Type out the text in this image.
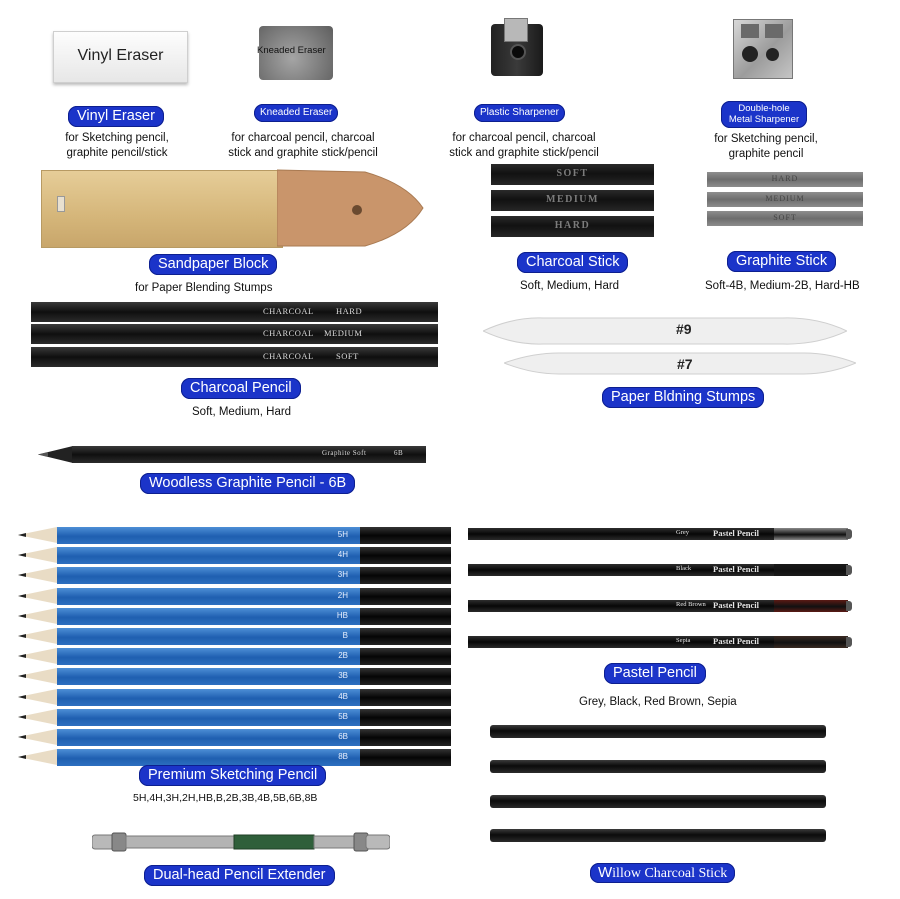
Vinyl Eraser
Vinyl Eraser
for Sketching pencil,
graphite pencil/stick
Kneaded Eraser
Kneaded Eraser
for charcoal pencil, charcoal
stick and graphite stick/pencil
Plastic Sharpener
for charcoal pencil, charcoal
stick and graphite stick/pencil
Double-hole
Metal Sharpener
for Sketching pencil,
graphite pencil
Sandpaper Block
for Paper Blending Stumps
SOFT
MEDIUM
HARD
Charcoal Stick
Soft, Medium, Hard
HARD
MEDIUM
SOFT
Graphite Stick
Soft-4B, Medium-2B, Hard-HB
CHARCOAL	HARD
CHARCOAL MEDIUM
CHARCOAL	SOFT
Charcoal Pencil
Soft, Medium, Hard
#9
#7
Paper Bldning Stumps
Graphite Soft	6B
Woodless Graphite Pencil - 6B
5H
4H
3H
2H
HB
B
2B
3B
4B
5B
6B
8B
Premium Sketching Pencil
5H,4H,3H,2H,HB,B,2B,3B,4B,5B,6B,8B
Grey	Pastel Pencil
Black	Pastel Pencil
Red Brown Pastel Pencil
Sepia	Pastel Pencil
Pastel Pencil
Grey, Black, Red Brown, Sepia
Willow Charcoal Stick
Dual-head Pencil Extender
